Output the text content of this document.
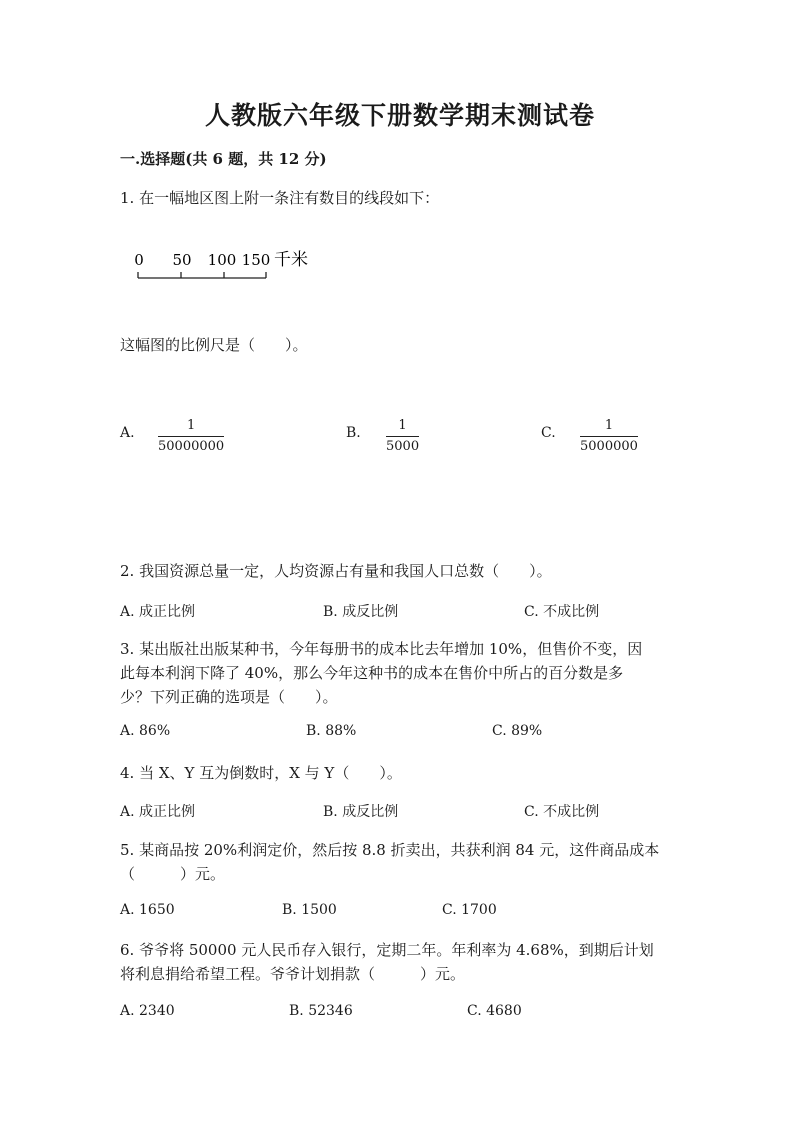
人教版六年级下册数学期末测试卷
一.选择题(共 6 题，共 12 分)
1. 在一幅地区图上附一条注有数目的线段如下：
0 50 100 150 千米
这幅图的比例尺是（　　）。
A. $\frac{1}{50000000}$	B. $\frac{1}{5000}$	C. $\frac{1}{5000000}$
2. 我国资源总量一定，人均资源占有量和我国人口总数（　　）。
A. 成正比例	B. 成反比例	C. 不成比例
3. 某出版社出版某种书，今年每册书的成本比去年增加 10%，但售价不变，因
此每本利润下降了 40%，那么今年这种书的成本在售价中所占的百分数是多
少？下列正确的选项是（　　）。
A. 86%	B. 88%	C. 89%
4. 当 X、Y 互为倒数时，X 与 Y（　　）。
A. 成正比例	B. 成反比例	C. 不成比例
5. 某商品按 20%利润定价，然后按 8.8 折卖出，共获利润 84 元，这件商品成本
（　　　）元。
A. 1650	B. 1500	C. 1700
6. 爷爷将 50000 元人民币存入银行，定期二年。年利率为 4.68%，到期后计划
将利息捐给希望工程。爷爷计划捐款（　　　）元。
A. 2340	B. 52346	C. 4680
